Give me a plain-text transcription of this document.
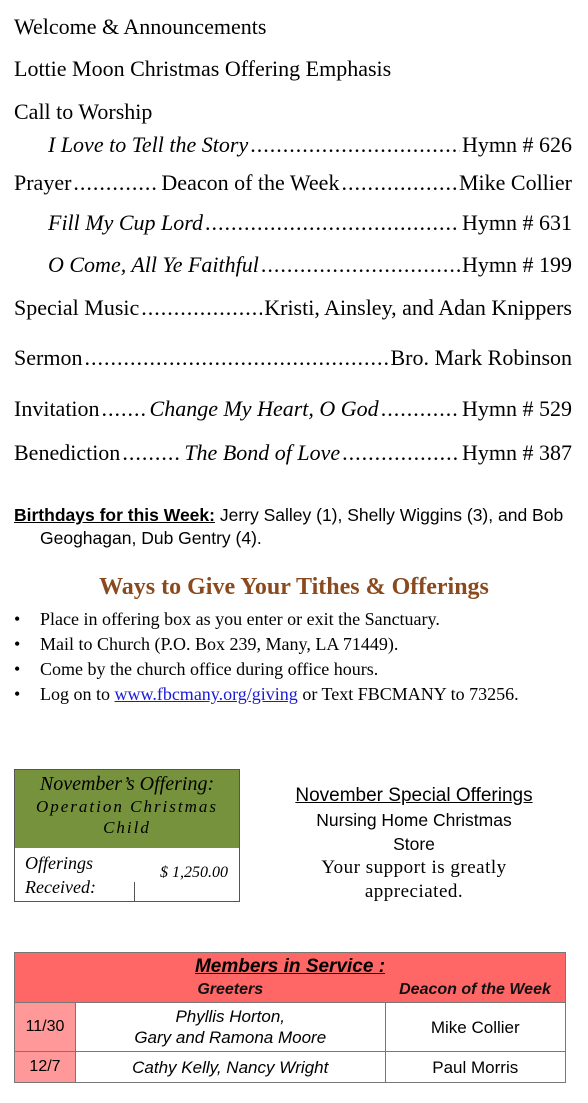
Welcome & Announcements
Lottie Moon Christmas Offering Emphasis
Call to Worship
I Love to Tell the Story .....	Hymn # 626
Prayer .....	Deacon of the Week .....	Mike Collier
Fill My Cup Lord .....	Hymn # 631
O Come, All Ye Faithful .....	Hymn # 199
Special Music .....	Kristi, Ainsley, and Adan Knippers
Sermon .....	Bro. Mark Robinson
Invitation ..... Change My Heart, O God .....	Hymn # 529
Benediction .....	The Bond of Love .....	Hymn # 387
Birthdays for this Week: Jerry Salley (1), Shelly Wiggins (3), and Bob
Geoghagan, Dub Gentry (4).
Ways to Give Your Tithes & Offerings
• Place in offering box as you enter or exit the Sanctuary.
• Mail to Church (P.O. Box 239, Many, LA 71449).
• Come by the church office during office hours.
• Log on to www.fbcmany.org/giving or Text FBCMANY to 73256.
November’s Offering:
Operation Christmas Child
Offerings
Received:
$ 1,250.00
November Special Offerings
Nursing Home Christmas
Store
Your support is greatly
appreciated.
Members in Service :		
	Greeters	Deacon of the Week
11/30	Phyllis Horton,
Gary and Ramona Moore	Mike Collier
12/7	Cathy Kelly, Nancy Wright	Paul Morris
